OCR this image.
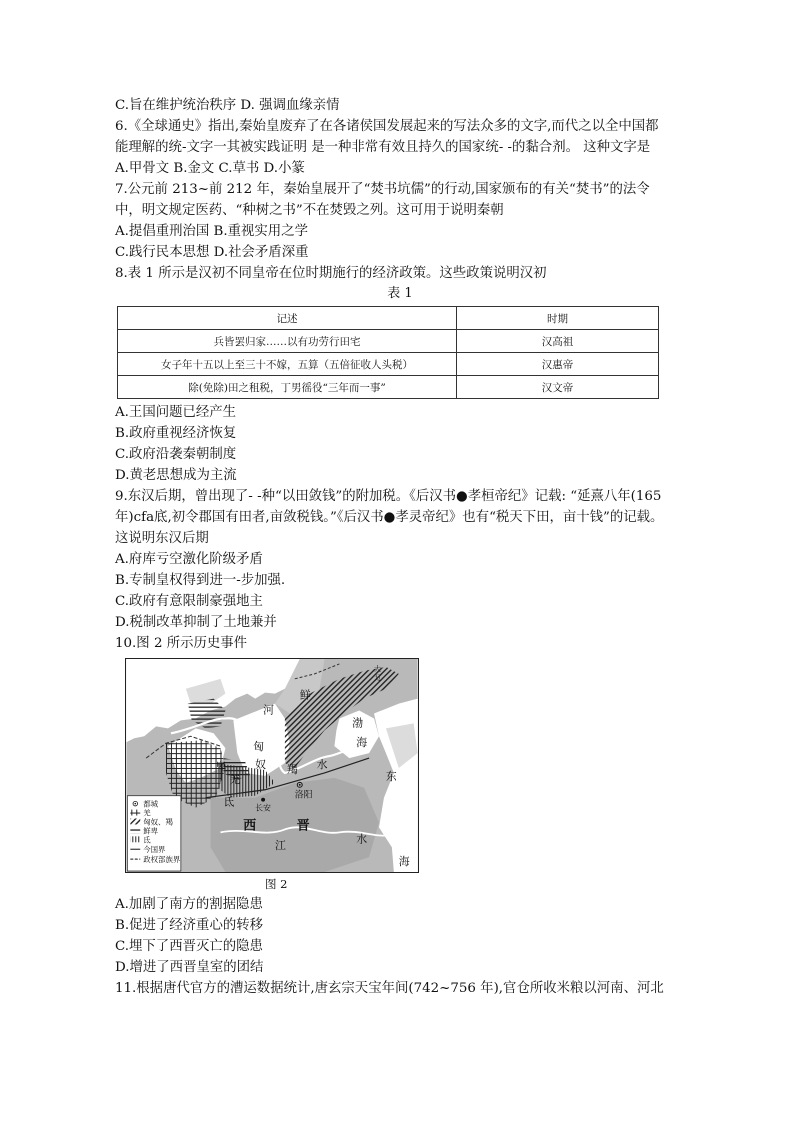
C.旨在维护统治秩序 D. 强调血缘亲情
6.《全球通史》指出,秦始皇废弃了在各诸侯国发展起来的写法众多的文字,而代之以全中国都
能理解的统-文字一其被实践证明 是一种非常有效且持久的国家统- -的黏合剂。 这种文字是
A.甲骨文 B.金文 C.草书 D.小篆
7.公元前 213~前 212 年，秦始皇展开了“焚书坑儒”的行动,国家颁布的有关“焚书”的法令
中，明文规定医药、“种树之书”不在焚毁之列。这可用于说明秦朝
A.提倡重刑治国 B.重视实用之学
C.践行民本思想 D.社会矛盾深重
8.表 1 所示是汉初不同皇帝在位时期施行的经济政策。这些政策说明汉初
表 1
记述	时期
兵皆罢归家……以有功劳行田宅	汉高祖
女子年十五以上至三十不嫁，五算（五倍征收人头税）	汉惠帝
除(免除)田之租税，丁男徭役“三年而一事”	汉文帝
A.王国问题已经产生
B.政府重视经济恢复
C.政府沿袭秦朝制度
D.黄老思想成为主流
9.东汉后期，曾出现了- -种“以田敛钱”的附加税。《后汉书●孝桓帝纪》记载: “延熹八年(165
年)cfa底,初令郡国有田者,亩敛税钱。”《后汉书●孝灵帝纪》也有“税天下田，亩十钱”的记载。
这说明东汉后期
A.府库亏空激化阶级矛盾
B.专制皇权得到进一-步加强.
C.政府有意限制豪强地主
D.税制改革抑制了土地兼并
10.图 2 所示历史事件
河
鲜
卑
匈
奴 羯 水
渤
海
东
羌
氐	洛阳
长安
西	晋
江
水
海
大
辽
都城
羌
匈奴、羯
鲜卑
氐
今国界
政权部族界
图 2
A.加剧了南方的割据隐患
B.促进了经济重心的转移
C.埋下了西晋灭亡的隐患
D.增进了西晋皇室的团结
11.根据唐代官方的漕运数据统计,唐玄宗天宝年间(742~756 年),官仓所收米粮以河南、河北
